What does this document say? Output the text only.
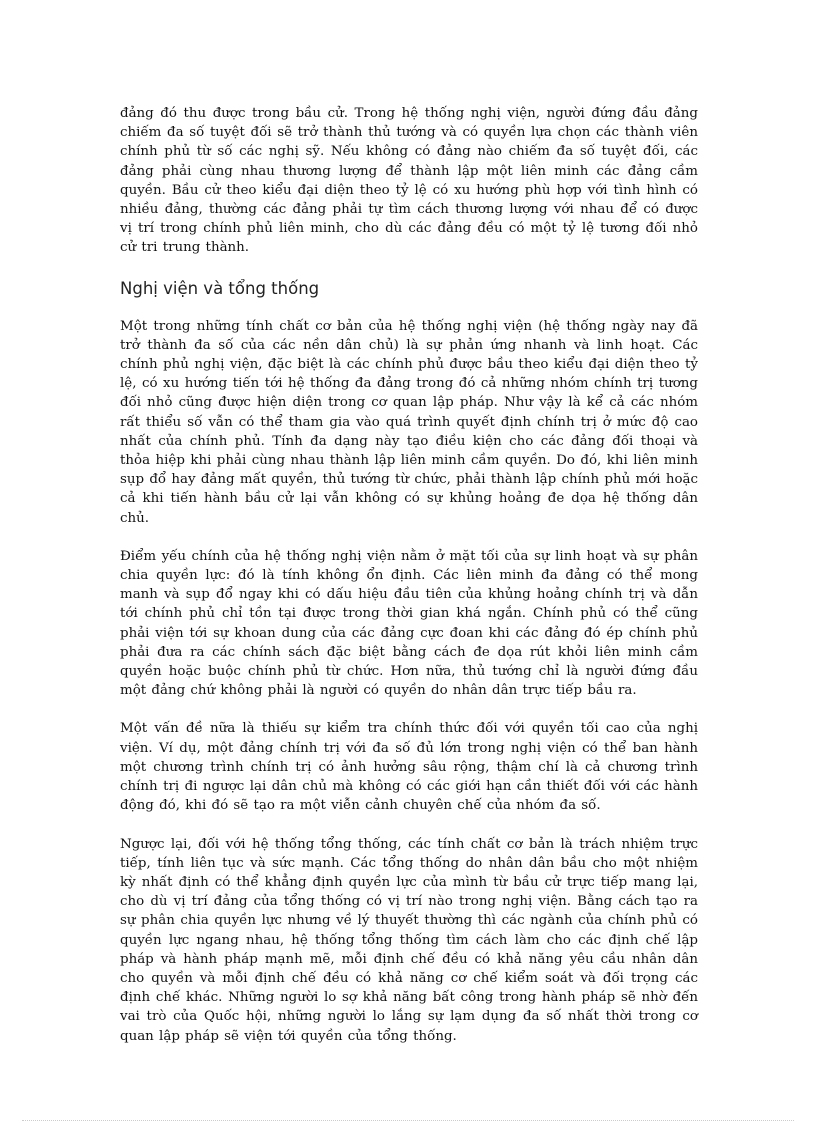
đảng đó thu được trong bầu cử. Trong hệ thống nghị viện, người đứng đầu đảng chiếm đa số tuyệt đối sẽ trở thành thủ tướng và có quyền lựa chọn các thành viên chính phủ từ số các nghị sỹ. Nếu không có đảng nào chiếm đa số tuyệt đối, các đảng phải cùng nhau thương lượng để thành lập một liên minh các đảng cầm quyền. Bầu cử theo kiểu đại diện theo tỷ lệ có xu hướng phù hợp với tình hình có nhiều đảng, thường các đảng phải tự tìm cách thương lượng với nhau để có được vị trí trong chính phủ liên minh, cho dù các đảng đều có một tỷ lệ tương đối nhỏ cử tri trung thành.

Nghị viện và tổng thống

Một trong những tính chất cơ bản của hệ thống nghị viện (hệ thống ngày nay đã trở thành đa số của các nền dân chủ) là sự phản ứng nhanh và linh hoạt. Các chính phủ nghị viện, đặc biệt là các chính phủ được bầu theo kiểu đại diện theo tỷ lệ, có xu hướng tiến tới hệ thống đa đảng trong đó cả những nhóm chính trị tương đối nhỏ cũng được hiện diện trong cơ quan lập pháp. Như vậy là kể cả các nhóm rất thiểu số vẫn có thể tham gia vào quá trình quyết định chính trị ở mức độ cao nhất của chính phủ. Tính đa dạng này tạo điều kiện cho các đảng đối thoại và thỏa hiệp khi phải cùng nhau thành lập liên minh cầm quyền. Do đó, khi liên minh sụp đổ hay đảng mất quyền, thủ tướng từ chức, phải thành lập chính phủ mới hoặc cả khi tiến hành bầu cử lại vẫn không có sự khủng hoảng đe dọa hệ thống dân chủ.

Điểm yếu chính của hệ thống nghị viện nằm ở mặt tối của sự linh hoạt và sự phân chia quyền lực: đó là tính không ổn định. Các liên minh đa đảng có thể mong manh và sụp đổ ngay khi có dấu hiệu đầu tiên của khủng hoảng chính trị và dẫn tới chính phủ chỉ tồn tại được trong thời gian khá ngắn. Chính phủ có thể cũng phải viện tới sự khoan dung của các đảng cực đoan khi các đảng đó ép chính phủ phải đưa ra các chính sách đặc biệt bằng cách đe dọa rút khỏi liên minh cầm quyền hoặc buộc chính phủ từ chức. Hơn nữa, thủ tướng chỉ là người đứng đầu một đảng chứ không phải là người có quyền do nhân dân trực tiếp bầu ra.

Một vấn đề nữa là thiếu sự kiểm tra chính thức đối với quyền tối cao của nghị viện. Ví dụ, một đảng chính trị với đa số đủ lớn trong nghị viện có thể ban hành một chương trình chính trị có ảnh hưởng sâu rộng, thậm chí là cả chương trình chính trị đi ngược lại dân chủ mà không có các giới hạn cần thiết đối với các hành động đó, khi đó sẽ tạo ra một viễn cảnh chuyên chế của nhóm đa số.

Ngược lại, đối với hệ thống tổng thống, các tính chất cơ bản là trách nhiệm trực tiếp, tính liên tục và sức mạnh. Các tổng thống do nhân dân bầu cho một nhiệm kỳ nhất định có thể khẳng định quyền lực của mình từ bầu cử trực tiếp mang lại, cho dù vị trí đảng của tổng thống có vị trí nào trong nghị viện. Bằng cách tạo ra sự phân chia quyền lực nhưng về lý thuyết thường thì các ngành của chính phủ có quyền lực ngang nhau, hệ thống tổng thống tìm cách làm cho các định chế lập pháp và hành pháp mạnh mẽ, mỗi định chế đều có khả năng yêu cầu nhân dân cho quyền và mỗi định chế đều có khả năng cơ chế kiểm soát và đối trọng các định chế khác. Những người lo sợ khả năng bất công trong hành pháp sẽ nhờ đến vai trò của Quốc hội, những người lo lắng sự lạm dụng đa số nhất thời trong cơ quan lập pháp sẽ viện tới quyền của tổng thống.
